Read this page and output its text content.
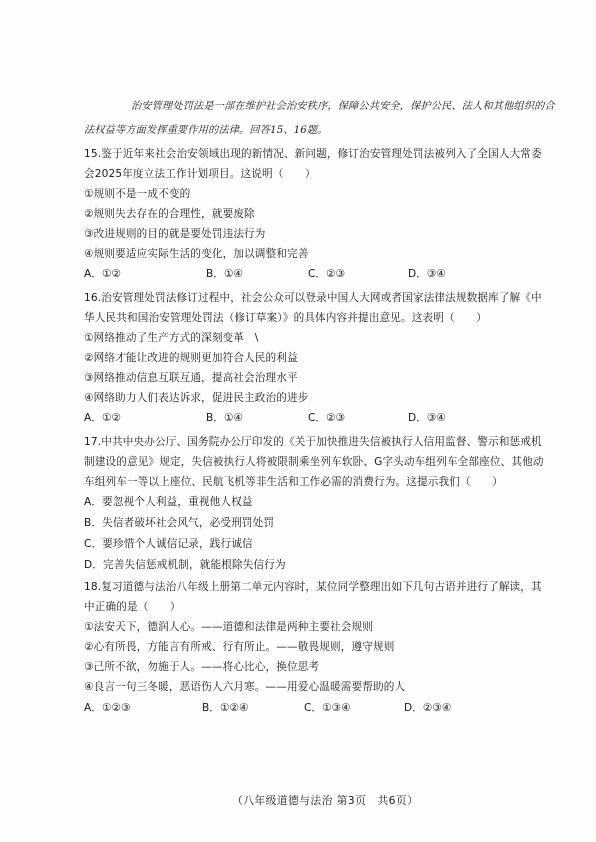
治安管理处罚法是一部在维护社会治安秩序，保障公共安全，保护公民、法人和其他组织的合
法权益等方面发挥重要作用的法律。回答15、16题。
15.鉴于近年来社会治安领域出现的新情况、新问题，修订治安管理处罚法被列入了全国人大常委
会2025年度立法工作计划项目。这说明（　　）
①规则不是一成不变的
②规则失去存在的合理性，就要废除
③改进规则的目的就是要处罚违法行为
④规则要适应实际生活的变化，加以调整和完善
A．①②	B．①④	C．②③	D．③④
16.治安管理处罚法修订过程中，社会公众可以登录中国人大网或者国家法律法规数据库了解《中
华人民共和国治安管理处罚法（修订草案）》的具体内容并提出意见。这表明（　　）
①网络推动了生产方式的深刻变革　\
②网络才能让改进的规则更加符合人民的利益
③网络推动信息互联互通，提高社会治理水平
④网络助力人们表达诉求，促进民主政治的进步
A．①②	B．①④	C．②③	D．③④
17.中共中央办公厅、国务院办公厅印发的《关于加快推进失信被执行人信用监督、警示和惩戒机
制建设的意见》规定，失信被执行人将被限制乘坐列车软卧、G字头动车组列车全部座位、其他动
车组列车一等以上座位、民航飞机等非生活和工作必需的消费行为。这提示我们（　　）
A．要忽视个人利益，重视他人权益
B．失信者破坏社会风气，必受刑罚处罚
C．要珍惜个人诚信记录，践行诚信
D．完善失信惩戒机制，就能根除失信行为
18.复习道德与法治八年级上册第二单元内容时，某位同学整理出如下几句古语并进行了解读，其
中正确的是（　　）
①法安天下，德润人心。——道德和法律是两种主要社会规则
②心有所畏，方能言有所戒、行有所止。——敬畏规则，遵守规则
③己所不欲，勿施于人。——将心比心，换位思考
④良言一句三冬暖，恶语伤人六月寒。——用爱心温暖需要帮助的人
A．①②③	B．①②④	C．①③④	D．②③④
（八年级道德与法治 第3页　共6页）
